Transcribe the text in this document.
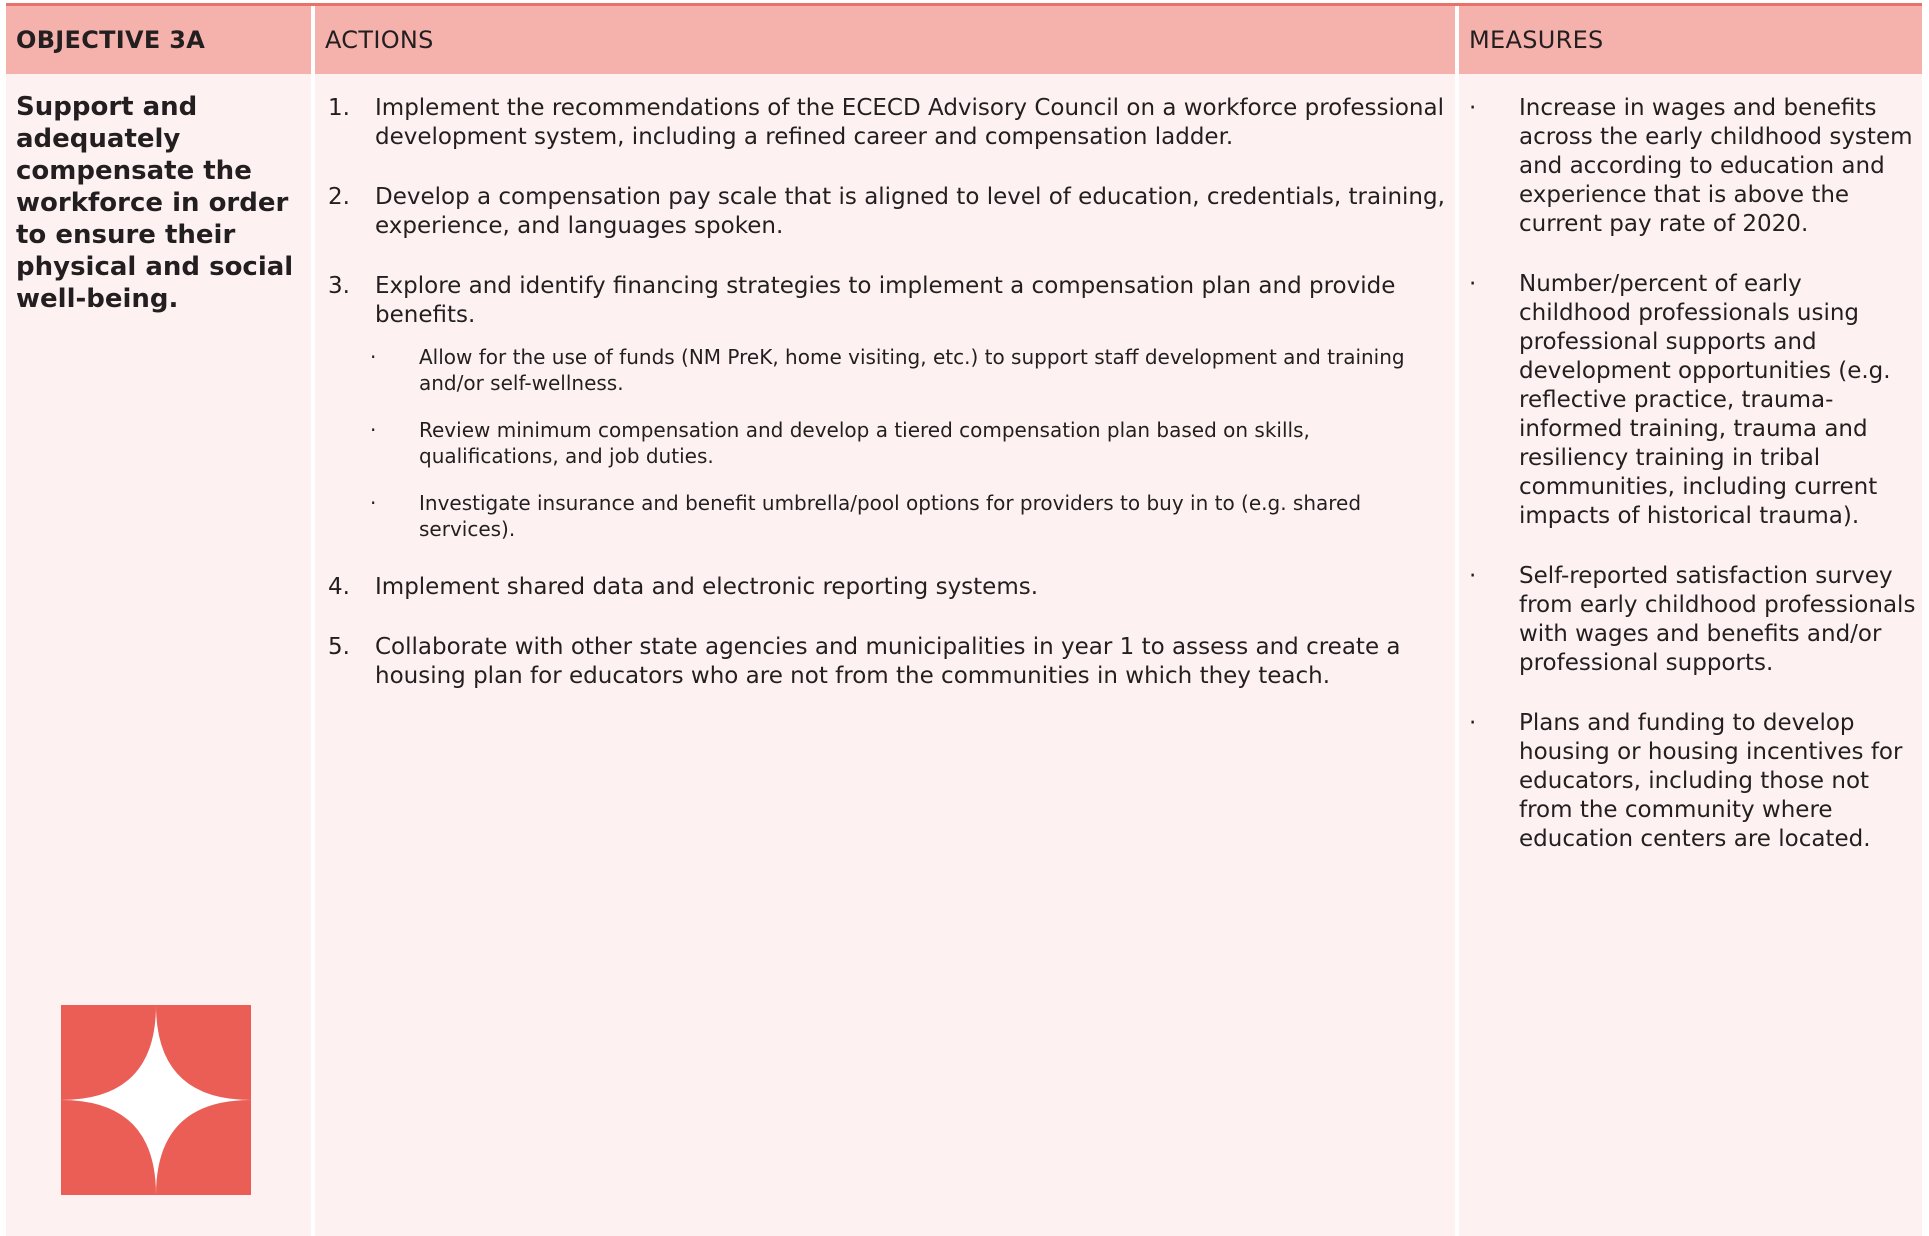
OBJECTIVE 3A
Support and adequately compensate the workforce in order to ensure their physical and social well-being.
ACTIONS
1. Implement the recommendations of the ECECD Advisory Council on a workforce professional development system, including a refined career and compensation ladder.
2. Develop a compensation pay scale that is aligned to level of education, credentials, training, experience, and languages spoken.
3. Explore and identify financing strategies to implement a compensation plan and provide benefits.
· Allow for the use of funds (NM PreK, home visiting, etc.) to support staff development and training and/or self-wellness.
· Review minimum compensation and develop a tiered compensation plan based on skills, qualifications, and job duties.
· Investigate insurance and benefit umbrella/pool options for providers to buy in to (e.g. shared services).
4. Implement shared data and electronic reporting systems.
5. Collaborate with other state agencies and municipalities in year 1 to assess and create a housing plan for educators who are not from the communities in which they teach.
MEASURES
· Increase in wages and benefits across the early childhood system and according to education and experience that is above the current pay rate of 2020.
· Number/percent of early childhood professionals using professional supports and development opportunities (e.g. reflective practice, trauma-informed training, trauma and resiliency training in tribal communities, including current impacts of historical trauma).
· Self-reported satisfaction survey from early childhood professionals with wages and benefits and/or professional supports.
· Plans and funding to develop housing or housing incentives for educators, including those not from the community where education centers are located.
